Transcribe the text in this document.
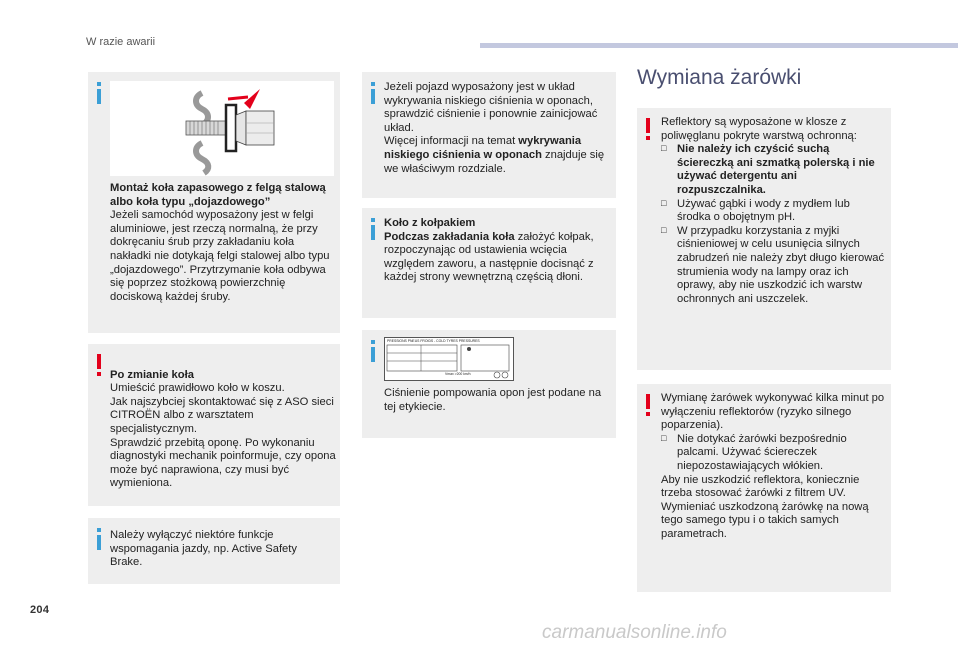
W razie awarii
Montaż koła zapasowego z felgą stalową albo koła typu „dojazdowego”
Jeżeli samochód wyposażony jest w felgi aluminiowe, jest rzeczą normalną, że przy dokręcaniu śrub przy zakładaniu koła nakładki nie dotykają felgi stalowej albo typu „dojazdowego”. Przytrzymanie koła odbywa się poprzez stożkową powierzchnię dociskową każdej śruby.

Po zmianie koła
Umieścić prawidłowo koło w koszu.
Jak najszybciej skontaktować się z ASO sieci CITROËN albo z warsztatem specjalistycznym.
Sprawdzić przebitą oponę. Po wykonaniu diagnostyki mechanik poinformuje, czy opona może być naprawiona, czy musi być wymieniona.

Należy wyłączyć niektóre funkcje wspomagania jazdy, np. Active Safety Brake.
Jeżeli pojazd wyposażony jest w układ wykrywania niskiego ciśnienia w oponach, sprawdzić ciśnienie i ponownie zainicjować układ.
Więcej informacji na temat wykrywania niskiego ciśnienia w oponach znajduje się we właściwym rozdziale.
Koło z kołpakiem
Podczas zakładania koła założyć kołpak, rozpoczynając od ustawienia wcięcia względem zaworu, a następnie docisnąć z każdej strony wewnętrzną częścią dłoni.
PRESSIONS PNEUS FROIDS - COLD TYRES PRESSURES
Vmax >200 km/h
Ciśnienie pompowania opon jest podane na tej etykiecie.
Wymiana żarówki
Reflektory są wyposażone w klosze z poliwęglanu pokryte warstwą ochronną:
□ Nie należy ich czyścić suchą ściereczką ani szmatką polerską i nie używać detergentu ani rozpuszczalnika.
□ Używać gąbki i wody z mydłem lub środka o obojętnym pH.
□ W przypadku korzystania z myjki ciśnieniowej w celu usunięcia silnych zabrudzeń nie należy zbyt długo kierować strumienia wody na lampy oraz ich oprawy, aby nie uszkodzić ich warstw ochronnych ani uszczelek.
Wymianę żarówek wykonywać kilka minut po wyłączeniu reflektorów (ryzyko silnego poparzenia).
□ Nie dotykać żarówki bezpośrednio palcami. Używać ściereczek niepozostawiających włókien.
Aby nie uszkodzić reflektora, koniecznie trzeba stosować żarówki z filtrem UV. Wymieniać uszkodzoną żarówkę na nową tego samego typu i o takich samych parametrach.
204
carmanualsonline.info
